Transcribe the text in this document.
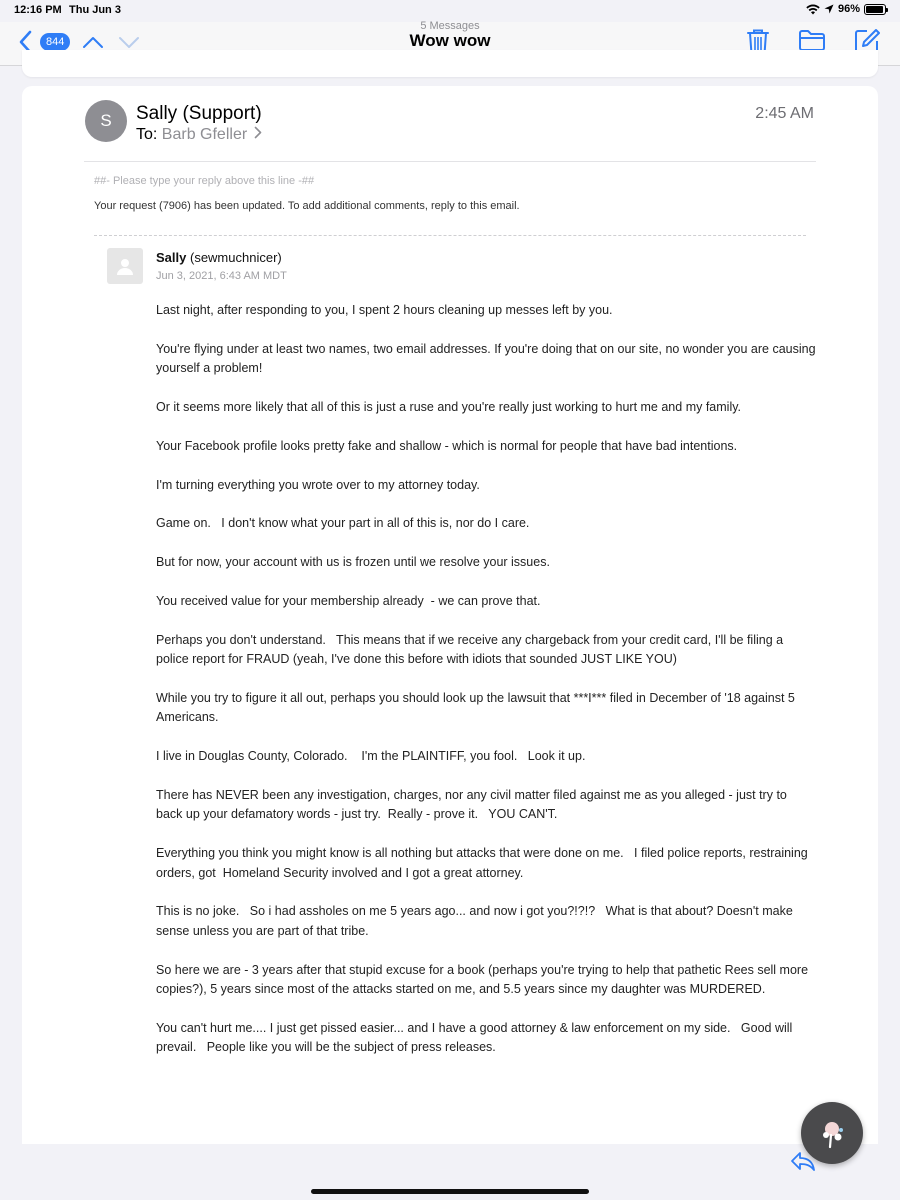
12:16 PM Thu Jun 3	96%
844
5 Messages
Wow wow
S	Sally (Support)
To: Barb Gfeller
2:45 AM
##- Please type your reply above this line -##
Your request (7906) has been updated. To add additional comments, reply to this email.
Sally (sewmuchnicer)
Jun 3, 2021, 6:43 AM MDT

Last night, after responding to you, I spent 2 hours cleaning up messes left by you.

You're flying under at least two names, two email addresses. If you're doing that on our site, no wonder you are causing yourself a problem!

Or it seems more likely that all of this is just a ruse and you're really just working to hurt me and my family.

Your Facebook profile looks pretty fake and shallow - which is normal for people that have bad intentions.

I'm turning everything you wrote over to my attorney today.

Game on.   I don't know what your part in all of this is, nor do I care.

But for now, your account with us is frozen until we resolve your issues.

You received value for your membership already  - we can prove that.

Perhaps you don't understand.   This means that if we receive any chargeback from your credit card, I'll be filing a police report for FRAUD (yeah, I've done this before with idiots that sounded JUST LIKE YOU)

While you try to figure it all out, perhaps you should look up the lawsuit that ***I*** filed in December of '18 against 5 Americans.

I live in Douglas County, Colorado.    I'm the PLAINTIFF, you fool.   Look it up.

There has NEVER been any investigation, charges, nor any civil matter filed against me as you alleged - just try to back up your defamatory words - just try.  Really - prove it.   YOU CAN'T.

Everything you think you might know is all nothing but attacks that were done on me.   I filed police reports, restraining orders, got  Homeland Security involved and I got a great attorney.

This is no joke.   So i had assholes on me 5 years ago... and now i got you?!?!?   What is that about? Doesn't make sense unless you are part of that tribe.

So here we are - 3 years after that stupid excuse for a book (perhaps you're trying to help that pathetic Rees sell more copies?), 5 years since most of the attacks started on me, and 5.5 years since my daughter was MURDERED.

You can't hurt me.... I just get pissed easier... and I have a good attorney & law enforcement on my side.   Good will prevail.   People like you will be the subject of press releases.
